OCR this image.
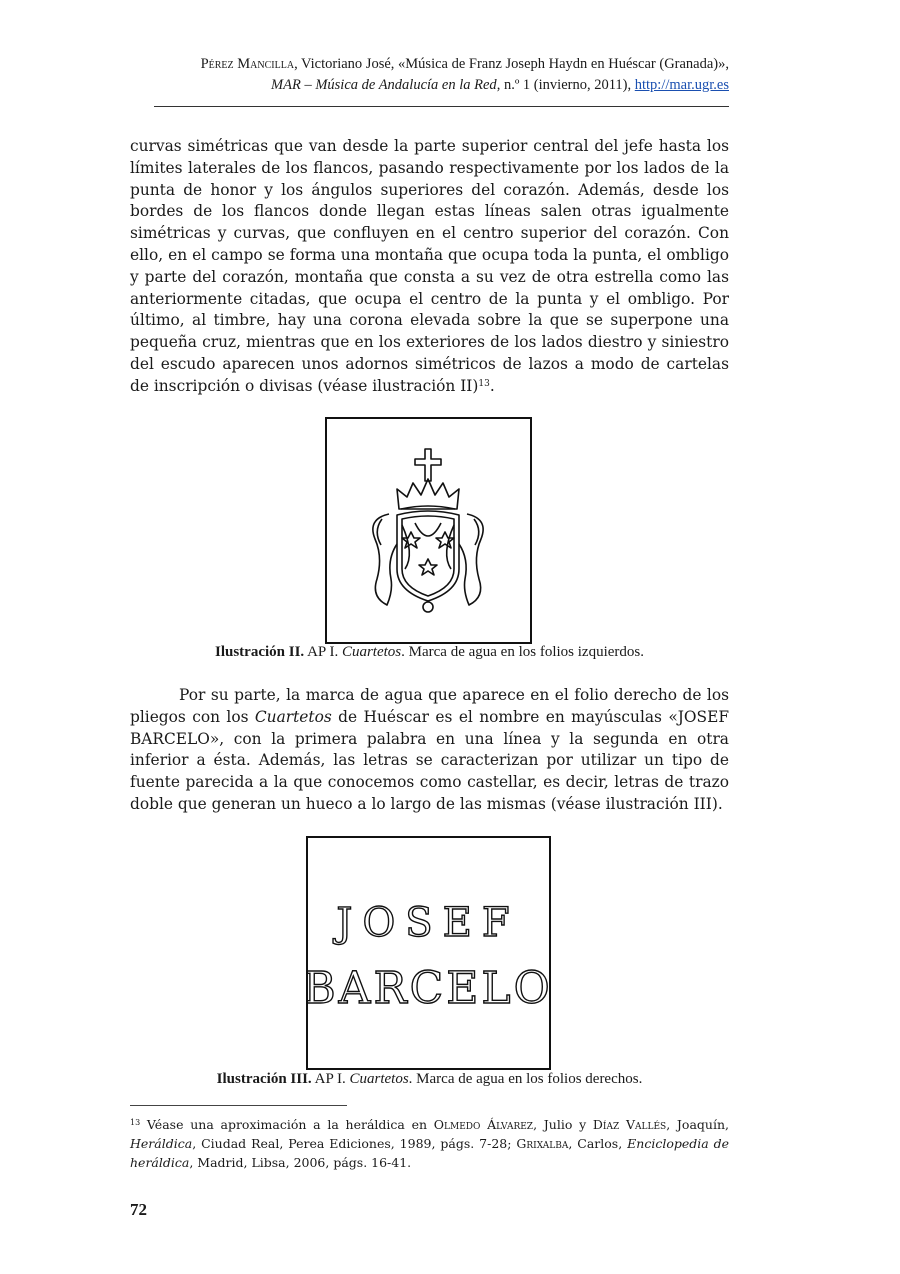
Pérez Mancilla, Victoriano José, «Música de Franz Joseph Haydn en Huéscar (Granada)»,
MAR – Música de Andalucía en la Red, n.º 1 (invierno, 2011), http://mar.ugr.es
curvas simétricas que van desde la parte superior central del jefe hasta los límites laterales de los flancos, pasando respectivamente por los lados de la punta de honor y los ángulos superiores del corazón. Además, desde los bordes de los flancos donde llegan estas líneas salen otras igualmente simétricas y curvas, que confluyen en el centro superior del corazón. Con ello, en el campo se forma una montaña que ocupa toda la punta, el ombligo y parte del corazón, montaña que consta a su vez de otra estrella como las anteriormente citadas, que ocupa el centro de la punta y el ombligo. Por último, al timbre, hay una corona elevada sobre la que se superpone una pequeña cruz, mientras que en los exteriores de los lados diestro y siniestro del escudo aparecen unos adornos simétricos de lazos a modo de cartelas de inscripción o divisas (véase ilustración II)$^{13}$.
Ilustración II. AP I. Cuartetos. Marca de agua en los folios izquierdos.
Por su parte, la marca de agua que aparece en el folio derecho de los pliegos con los Cuartetos de Huéscar es el nombre en mayúsculas «JOSEF BARCELO», con la primera palabra en una línea y la segunda en otra inferior a ésta. Además, las letras se caracterizan por utilizar un tipo de fuente parecida a la que conocemos como castellar, es decir, letras de trazo doble que generan un hueco a lo largo de las mismas (véase ilustración III).
JOSEF
BARCELO
Ilustración III. AP I. Cuartetos. Marca de agua en los folios derechos.
$^{13}$ Véase una aproximación a la heráldica en Olmedo Álvarez, Julio y Díaz Vallés, Joaquín, Heráldica, Ciudad Real, Perea Ediciones, 1989, págs. 7-28; Grixalba, Carlos, Enciclopedia de heráldica, Madrid, Libsa, 2006, págs. 16-41.
72
